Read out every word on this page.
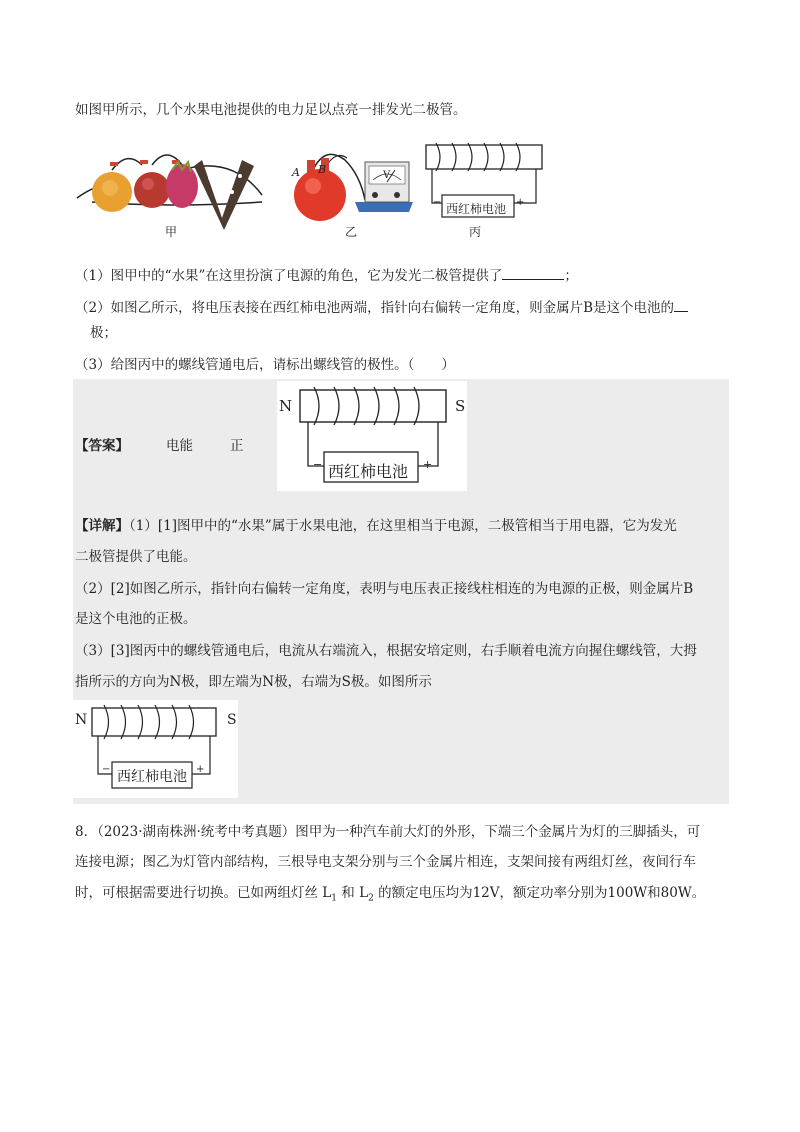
如图甲所示，几个水果电池提供的电力足以点亮一排发光二极管。
甲
A B	V
乙
西红柿电池
−	+
丙
（1）图甲中的“水果”在这里扮演了电源的角色，它为发光二极管提供了	；
（2）如图乙所示，将电压表接在西红柿电池两端，指针向右偏转一定角度，则金属片B是这个电池的
极；
（3）给图丙中的螺线管通电后，请标出螺线管的极性。（　　）
N	S
西红柿电池
−	+
【答案】	电能	正
【详解】（1）[1]图甲中的“水果”属于水果电池，在这里相当于电源，二极管相当于用电器，它为发光
二极管提供了电能。
（2）[2]如图乙所示，指针向右偏转一定角度，表明与电压表正接线柱相连的为电源的正极，则金属片B
是这个电池的正极。
（3）[3]图丙中的螺线管通电后，电流从右端流入，根据安培定则，右手顺着电流方向握住螺线管，大拇
指所示的方向为N极，即左端为N极，右端为S极。如图所示
N	S
西红柿电池
−	+
8．（2023·湖南株洲·统考中考真题）图甲为一种汽车前大灯的外形，下端三个金属片为灯的三脚插头，可
连接电源；图乙为灯管内部结构，三根导电支架分别与三个金属片相连，支架间接有两组灯丝，夜间行车
时，可根据需要进行切换。已如两组灯丝 $L_1$ 和 $L_2$ 的额定电压均为12V，额定功率分别为100W和80W。
